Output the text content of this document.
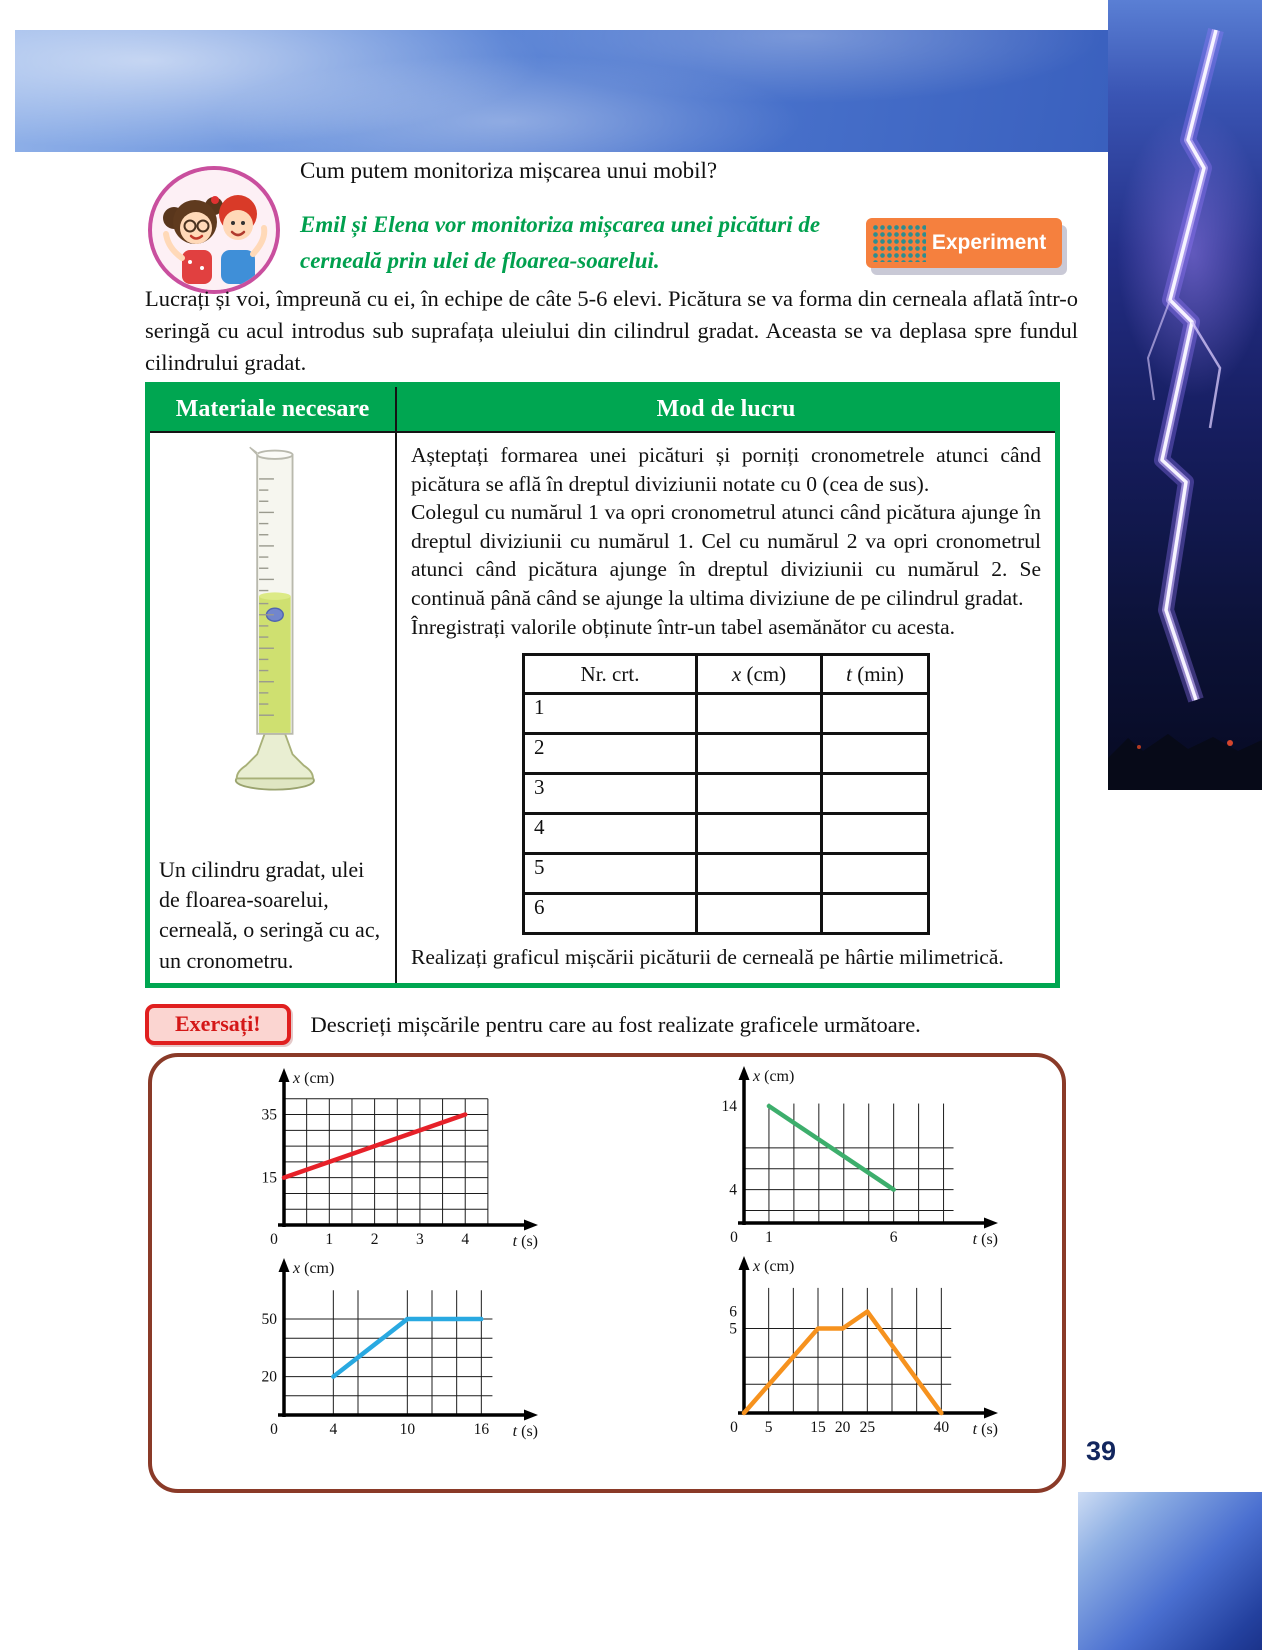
Cum putem monitoriza mișcarea unui mobil?
Emil și Elena vor monitoriza mișcarea unei picături de cerneală prin ulei de floarea-soarelui.
Experiment
Lucrați și voi, împreună cu ei, în echipe de câte 5-6 elevi. Picătura se va forma din cerneala aflată într-o seringă cu acul introdus sub suprafața uleiului din cilindrul gradat. Aceasta se va deplasa spre fundul cilindrului gradat.
Materiale necesare	Mod de lucru

Un cilindru gradat, ulei de floarea-soarelui, cerneală, o seringă cu ac, un cronometru.

Așteptați formarea unei picături și porniți cronometrele atunci când picătura se află în dreptul diviziunii notate cu 0 (cea de sus).

Colegul cu numărul 1 va opri cronometrul atunci când picătura ajunge în dreptul diviziunii cu numărul 1. Cel cu numărul 2 va opri cronometrul atunci când picătura ajunge în dreptul diviziunii cu numărul 2. Se continuă până când se ajunge la ultima diviziune de pe cilindrul gradat.

Înregistrați valorile obținute într-un tabel asemănător cu acesta.

Nr. crt.	x (cm)	t (min)
1		
2		
3		
4		
5		
6		
Realizați graficul mișcării picăturii de cerneală pe hârtie milimetrică.
Exersați!	Descrieți mișcările pentru care au fost realizate graficele următoare.
0	1 2 3 4
15
35
x (cm)
t (s)	0 1	6
4
14
x (cm)
t (s)
0	4	10	16
20
50
x (cm)
t (s)	0 5 15 20 25	40
5
6
x (cm)
t (s)
39
